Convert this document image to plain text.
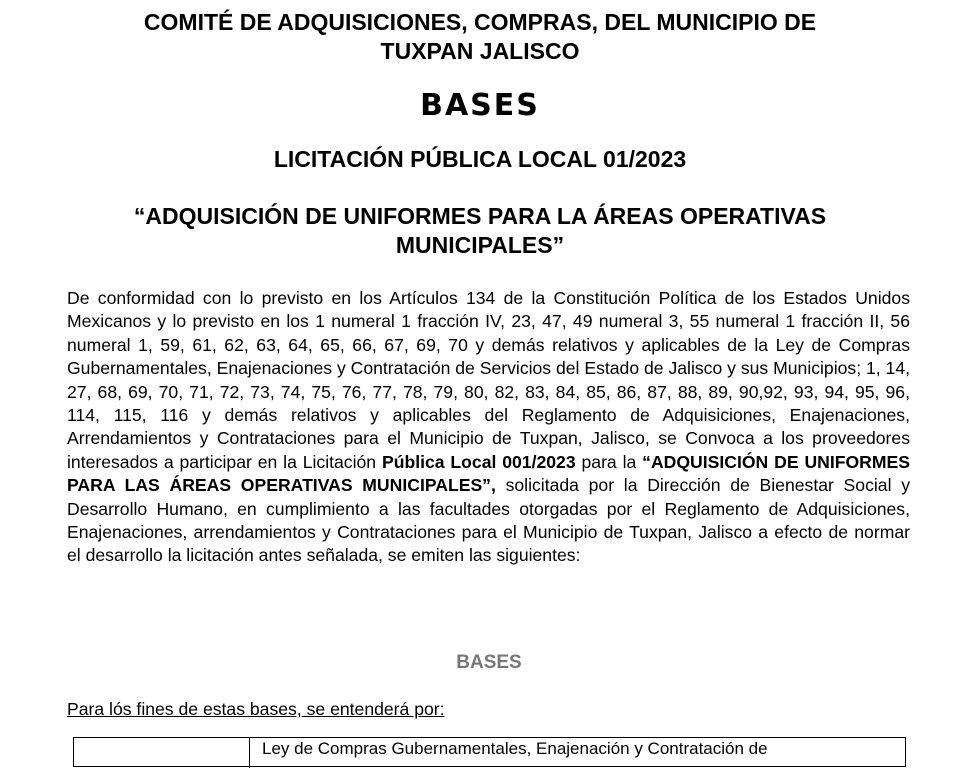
COMITÉ DE ADQUISICIONES, COMPRAS, DEL MUNICIPIO DE
TUXPAN JALISCO
BASES
LICITACIÓN PÚBLICA LOCAL 01/2023
“ADQUISICIÓN DE UNIFORMES PARA LA ÁREAS OPERATIVAS
MUNICIPALES”
De conformidad con lo previsto en los Artículos 134 de la Constitución Política de los Estados Unidos Mexicanos y lo previsto en los 1 numeral 1 fracción IV, 23, 47, 49 numeral 3, 55 numeral 1 fracción II, 56 numeral 1, 59, 61, 62, 63, 64, 65, 66, 67, 69, 70 y demás relativos y aplicables de la Ley de Compras Gubernamentales, Enajenaciones y Contratación de Servicios del Estado de Jalisco y sus Municipios; 1, 14, 27, 68, 69, 70, 71, 72, 73, 74, 75, 76, 77, 78, 79, 80, 82, 83, 84, 85, 86, 87, 88, 89, 90,92, 93, 94, 95, 96, 114, 115, 116 y demás relativos y aplicables del Reglamento de Adquisiciones, Enajenaciones, Arrendamientos y Contrataciones para el Municipio de Tuxpan, Jalisco, se Convoca a los proveedores interesados a participar en la Licitación Pública Local 001/2023 para la “ADQUISICIÓN DE UNIFORMES PARA LAS ÁREAS OPERATIVAS MUNICIPALES”, solicitada por la Dirección de Bienestar Social y Desarrollo Humano, en cumplimiento a las facultades otorgadas por el Reglamento de Adquisiciones, Enajenaciones, arrendamientos y Contrataciones para el Municipio de Tuxpan, Jalisco a efecto de normar el desarrollo la licitación antes señalada, se emiten las siguientes:
BASES
Para lós fines de estas bases, se entenderá por:
Ley de Compras Gubernamentales, Enajenación y Contratación de
